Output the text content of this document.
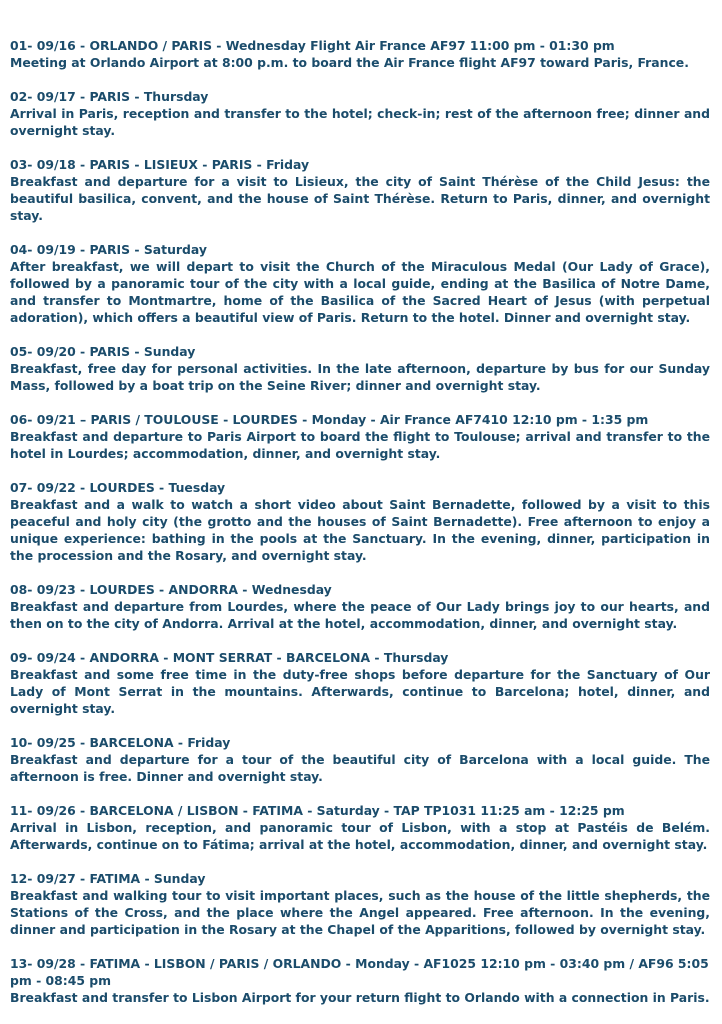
01- 09/16 - ORLANDO / PARIS - Wednesday Flight Air France AF97 11:00 pm - 01:30 pm
Meeting at Orlando Airport at 8:00 p.m. to board the Air France flight AF97 toward Paris, France.
02- 09/17 - PARIS - Thursday
Arrival in Paris, reception and transfer to the hotel; check-in; rest of the afternoon free; dinner and overnight stay.
03- 09/18 - PARIS - LISIEUX - PARIS - Friday
Breakfast and departure for a visit to Lisieux, the city of Saint Thérèse of the Child Jesus: the beautiful basilica, convent, and the house of Saint Thérèse. Return to Paris, dinner, and overnight stay.
04- 09/19 - PARIS - Saturday
After breakfast, we will depart to visit the Church of the Miraculous Medal (Our Lady of Grace), followed by a panoramic tour of the city with a local guide, ending at the Basilica of Notre Dame, and transfer to Montmartre, home of the Basilica of the Sacred Heart of Jesus (with perpetual adoration), which offers a beautiful view of Paris. Return to the hotel. Dinner and overnight stay.
05- 09/20 - PARIS - Sunday
Breakfast, free day for personal activities. In the late afternoon, departure by bus for our Sunday Mass, followed by a boat trip on the Seine River; dinner and overnight stay.
06- 09/21 – PARIS / TOULOUSE - LOURDES - Monday - Air France AF7410 12:10 pm - 1:35 pm
Breakfast and departure to Paris Airport to board the flight to Toulouse; arrival and transfer to the hotel in Lourdes; accommodation, dinner, and overnight stay.
07- 09/22 - LOURDES - Tuesday
Breakfast and a walk to watch a short video about Saint Bernadette, followed by a visit to this peaceful and holy city (the grotto and the houses of Saint Bernadette). Free afternoon to enjoy a unique experience: bathing in the pools at the Sanctuary. In the evening, dinner, participation in the procession and the Rosary, and overnight stay.
08- 09/23 - LOURDES - ANDORRA - Wednesday
Breakfast and departure from Lourdes, where the peace of Our Lady brings joy to our hearts, and then on to the city of Andorra. Arrival at the hotel, accommodation, dinner, and overnight stay.
09- 09/24 - ANDORRA - MONT SERRAT - BARCELONA - Thursday
Breakfast and some free time in the duty-free shops before departure for the Sanctuary of Our Lady of Mont Serrat in the mountains. Afterwards, continue to Barcelona; hotel, dinner, and overnight stay.
10- 09/25 - BARCELONA - Friday
Breakfast and departure for a tour of the beautiful city of Barcelona with a local guide. The afternoon is free. Dinner and overnight stay.
11- 09/26 - BARCELONA / LISBON - FATIMA - Saturday - TAP TP1031 11:25 am - 12:25 pm
Arrival in Lisbon, reception, and panoramic tour of Lisbon, with a stop at Pastéis de Belém. Afterwards, continue on to Fátima; arrival at the hotel, accommodation, dinner, and overnight stay.
12- 09/27 - FATIMA - Sunday
Breakfast and walking tour to visit important places, such as the house of the little shepherds, the Stations of the Cross, and the place where the Angel appeared. Free afternoon. In the evening, dinner and participation in the Rosary at the Chapel of the Apparitions, followed by overnight stay.
13- 09/28 - FATIMA - LISBON / PARIS / ORLANDO - Monday - AF1025 12:10 pm - 03:40 pm / AF96 5:05 pm - 08:45 pm
Breakfast and transfer to Lisbon Airport for your return flight to Orlando with a connection in Paris.
